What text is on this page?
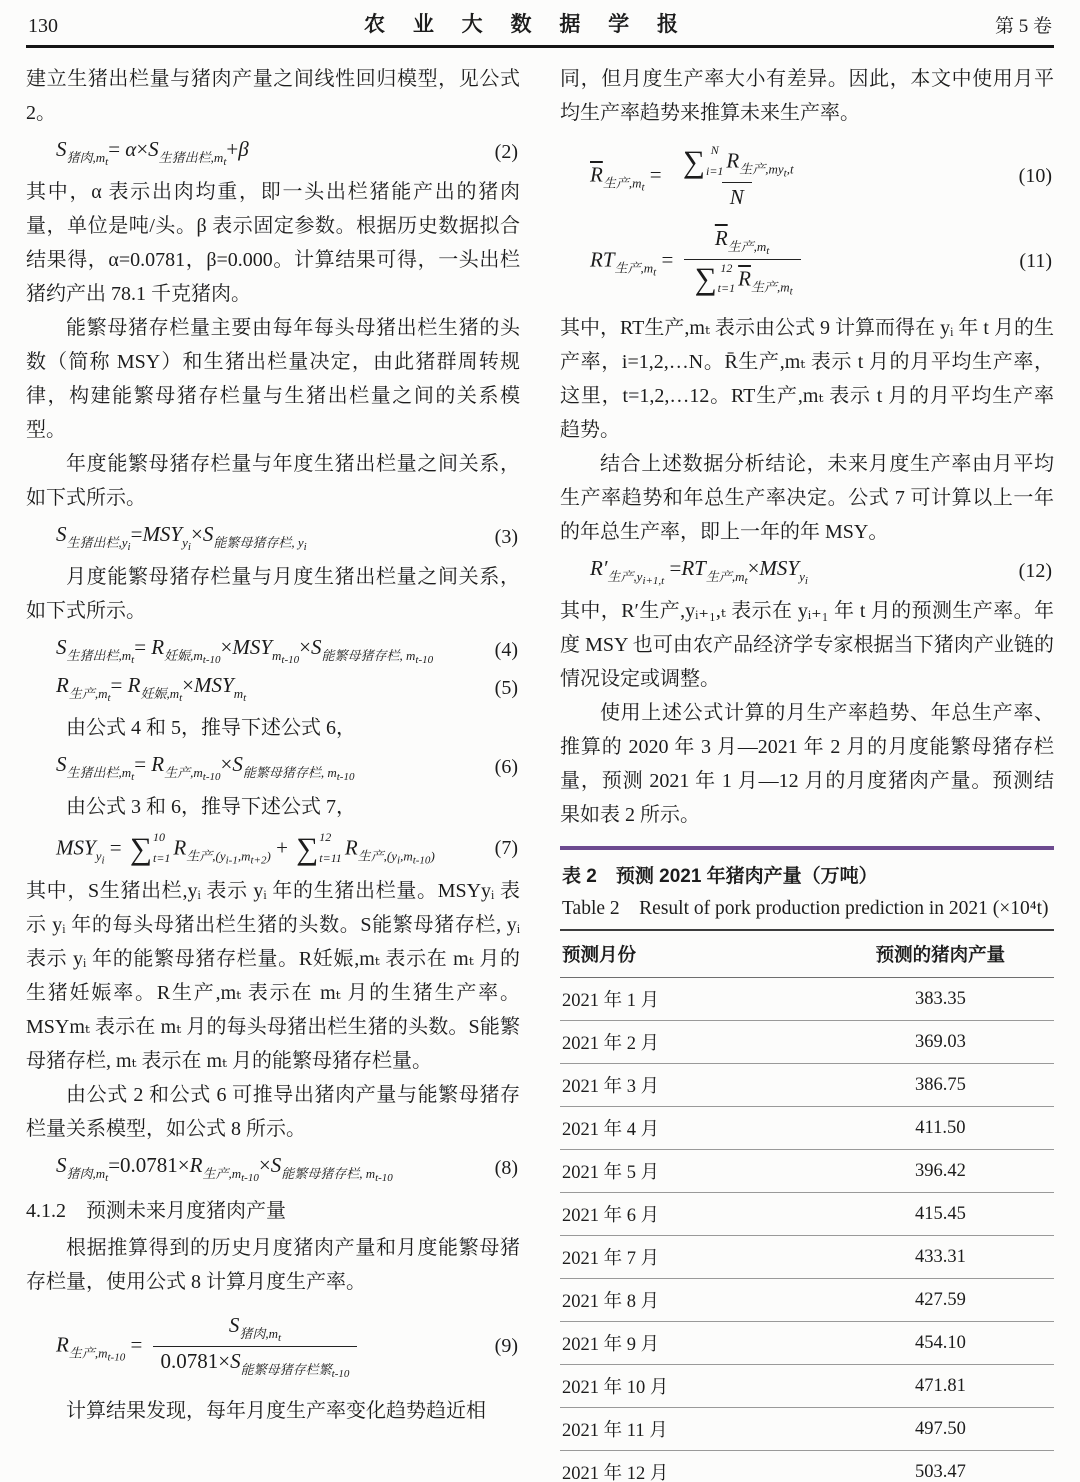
130	农 业 大 数 据 学 报	第 5 卷

建立生猪出栏量与猪肉产量之间线性回归模型，见公式 2。

$S_{猪肉,mt}= \alpha\times S_{生猪出栏,mt}+\beta$	(2)

其中，α 表示出肉均重，即一头出栏猪能产出的猪肉量，单位是吨/头。β 表示固定参数。根据历史数据拟合结果得，α=0.0781，β=0.000。计算结果可得，一头出栏猪约产出 78.1 千克猪肉。

能繁母猪存栏量主要由每年每头母猪出栏生猪的头数（简称 MSY）和生猪出栏量决定，由此猪群周转规律，构建能繁母猪存栏量与生猪出栏量之间的关系模型。

年度能繁母猪存栏量与年度生猪出栏量之间关系，如下式所示。

$S_{生猪出栏,yi}=MSY_{yi}\times S_{能繁母猪存栏, yi}$	(3)

月度能繁母猪存栏量与月度生猪出栏量之间关系，如下式所示。

$S_{生猪出栏,mt}= R_{妊娠,mt-10}\times MSY_{mt-10}\times S_{能繁母猪存栏, mt-10}$	(4)
$R_{生产,mt}= R_{妊娠,mt}\times MSY_{mt}$	(5)

由公式 4 和 5，推导下述公式 6，

$S_{生猪出栏,mt}= R_{生产,mt-10}\times S_{能繁母猪存栏, mt-10}$	(6)

由公式 3 和 6，推导下述公式 7，

$MSY_{yi}$ = ∑ 10
t=1 $R_{生产,(yi-1,mt+2)}$ + ∑ 12
t=11 $R_{生产,(yi,mt-10)}$	(7)

其中，S生猪出栏,yᵢ 表示 yᵢ 年的生猪出栏量。MSYyᵢ 表示 yᵢ 年的每头母猪出栏生猪的头数。S能繁母猪存栏, yᵢ 表示 yᵢ 年的能繁母猪存栏量。R妊娠,mₜ 表示在 mₜ 月的生猪妊娠率。R生产,mₜ 表示在 mₜ 月的生猪生产率。MSYmₜ 表示在 mₜ 月的每头母猪出栏生猪的头数。S能繁母猪存栏, mₜ 表示在 mₜ 月的能繁母猪存栏量。

由公式 2 和公式 6 可推导出猪肉产量与能繁母猪存栏量关系模型，如公式 8 所示。

$S_{猪肉,mt}=0.0781\times R_{生产,mt-10}\times S_{能繁母猪存栏, mt-10}$	(8)

4.1.2　预测未来月度猪肉产量

根据推算得到的历史月度猪肉产量和月度能繁母猪存栏量，使用公式 8 计算月度生产率。

$R_{生产,mt-10} = \frac{S_{猪肉,mt}}{0.0781\times S_{能繁母猪存栏繁t-10}}$	(9)

计算结果发现，每年月度生产率变化趋势趋近相

同，但月度生产率大小有差异。因此，本文中使用月平均生产率趋势来推算未来生产率。

$\overline{R}_{生产,mt}$ = ∑ N
i=1 $R_{生产,myt,t}$
N	(10)
$RT_{生产,mt} = \overline{R}_{生产,mt}$
∑ 12
t=1 $\overline{R}_{生产,mt}$	(11)

其中，RT生产,mₜ 表示由公式 9 计算而得在 yᵢ 年 t 月的生产率，i=1,2,…N。R̄生产,mₜ 表示 t 月的月平均生产率，这里，t=1,2,…12。RT生产,mₜ 表示 t 月的月平均生产率趋势。

结合上述数据分析结论，未来月度生产率由月平均生产率趋势和年总生产率决定。公式 7 可计算以上一年的年总生产率，即上一年的年 MSY。

$R'_{生产,yi+1,t} =RT_{生产,mt}\times MSY_{yi}$	(12)

其中，R′生产,yᵢ₊₁,ₜ 表示在 yᵢ₊₁ 年 t 月的预测生产率。年度 MSY 也可由农产品经济学专家根据当下猪肉产业链的情况设定或调整。

使用上述公式计算的月生产率趋势、年总生产率、推算的 2020 年 3 月—2021 年 2 月的月度能繁母猪存栏量，预测 2021 年 1 月—12 月的月度猪肉产量。预测结果如表 2 所示。

表 2　预测 2021 年猪肉产量（万吨）
Table 2　Result of pork production prediction in 2021 (×10⁴t)
预测月份	预测的猪肉产量
2021 年 1 月	383.35
2021 年 2 月	369.03
2021 年 3 月	386.75
2021 年 4 月	411.50
2021 年 5 月	396.42
2021 年 6 月	415.45
2021 年 7 月	433.31
2021 年 8 月	427.59
2021 年 9 月	454.10
2021 年 10 月	471.81
2021 年 11 月	497.50
2021 年 12 月	503.47
